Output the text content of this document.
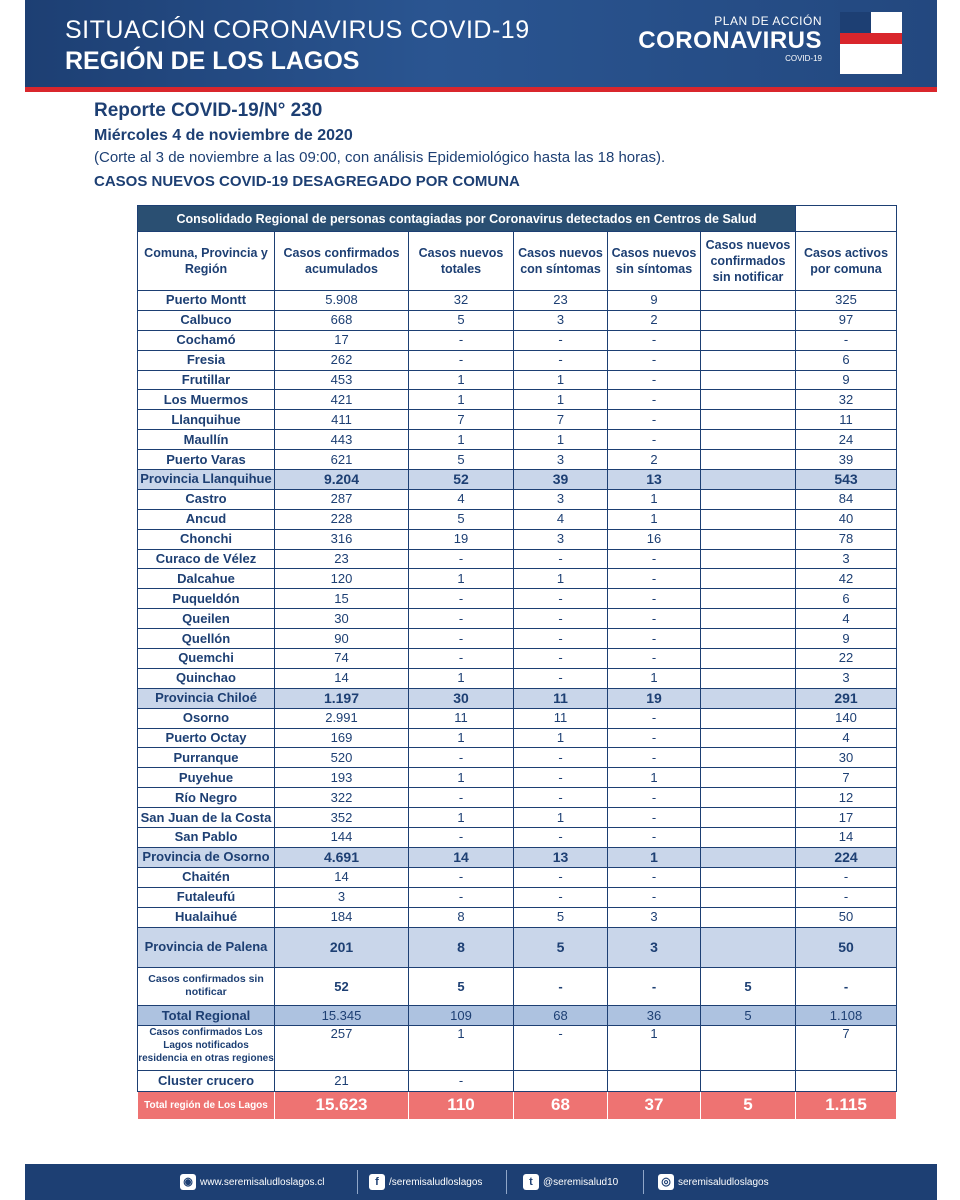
SITUACIÓN CORONAVIRUS COVID-19
REGIÓN DE LOS LAGOS
PLAN DE ACCIÓN
CORONAVIRUS
COVID-19
Reporte COVID-19/N° 230
Miércoles 4 de noviembre de 2020
(Corte al 3 de noviembre a las 09:00, con análisis Epidemiológico hasta las 18 horas).
CASOS NUEVOS COVID-19 DESAGREGADO POR COMUNA
Consolidado Regional de personas contagiadas por Coronavirus detectados en Centros de Salud						
Comuna, Provincia y Región	Casos confirmados acumulados	Casos nuevos totales	Casos nuevos con síntomas	Casos nuevos sin síntomas	Casos nuevos confirmados sin notificar	Casos activos por comuna
Puerto Montt	5.908	32	23	9		325
Calbuco	668	5	3	2		97
Cochamó	17	-	-	-		-
Fresia	262	-	-	-		6
Frutillar	453	1	1	-		9
Los Muermos	421	1	1	-		32
Llanquihue	411	7	7	-		11
Maullín	443	1	1	-		24
Puerto Varas	621	5	3	2		39
Provincia Llanquihue	9.204	52	39	13		543
Castro	287	4	3	1		84
Ancud	228	5	4	1		40
Chonchi	316	19	3	16		78
Curaco de Vélez	23	-	-	-		3
Dalcahue	120	1	1	-		42
Puqueldón	15	-	-	-		6
Queilen	30	-	-	-		4
Quellón	90	-	-	-		9
Quemchi	74	-	-	-		22
Quinchao	14	1	-	1		3
Provincia Chiloé	1.197	30	11	19		291
Osorno	2.991	11	11	-		140
Puerto Octay	169	1	1	-		4
Purranque	520	-	-	-		30
Puyehue	193	1	-	1		7
Río Negro	322	-	-	-		12
San Juan de la Costa	352	1	1	-		17
San Pablo	144	-	-	-		14
Provincia de Osorno	4.691	14	13	1		224
Chaitén	14	-	-	-		-
Futaleufú	3	-	-	-		-
Hualaihué	184	8	5	3		50
Provincia de Palena	201	8	5	3		50
Casos confirmados sin notificar	52	5	-	-	5	-
Total Regional	15.345	109	68	36	5	1.108
Casos confirmados Los Lagos notificados residencia en otras regiones	257	1	-	1		7
Cluster crucero	21	-				
Total región de Los Lagos	15.623	110	68	37	5	1.115
◉ www.seremisaludloslagos.cl	f	/seremisaludloslagos	t	@seremisalud10	◎ seremisaludloslagos
